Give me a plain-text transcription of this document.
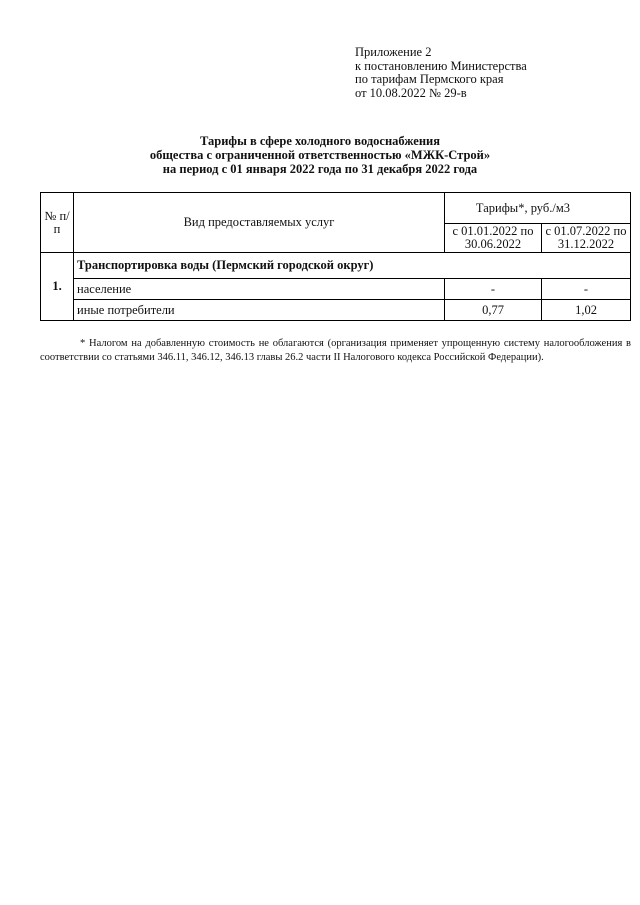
Приложение 2
к постановлению Министерства
по тарифам Пермского края
от 10.08.2022 № 29-в
Тарифы в сфере холодного водоснабжения
общества с ограниченной ответственностью «МЖК-Строй»
на период с 01 января 2022 года по 31 декабря 2022 года
№ п/п	Вид предоставляемых услуг	Тарифы*, руб./м3	
		с 01.01.2022 по 30.06.2022	с 01.07.2022 по 31.12.2022
1.	Транспортировка воды (Пермский городской округ)		
	население	-	-
	иные потребители	0,77	1,02
* Налогом на добавленную стоимость не облагаются (организация применяет упрощенную систему налогообложения в соответствии со статьями 346.11, 346.12, 346.13 главы 26.2 части II Налогового кодекса Российской Федерации).
